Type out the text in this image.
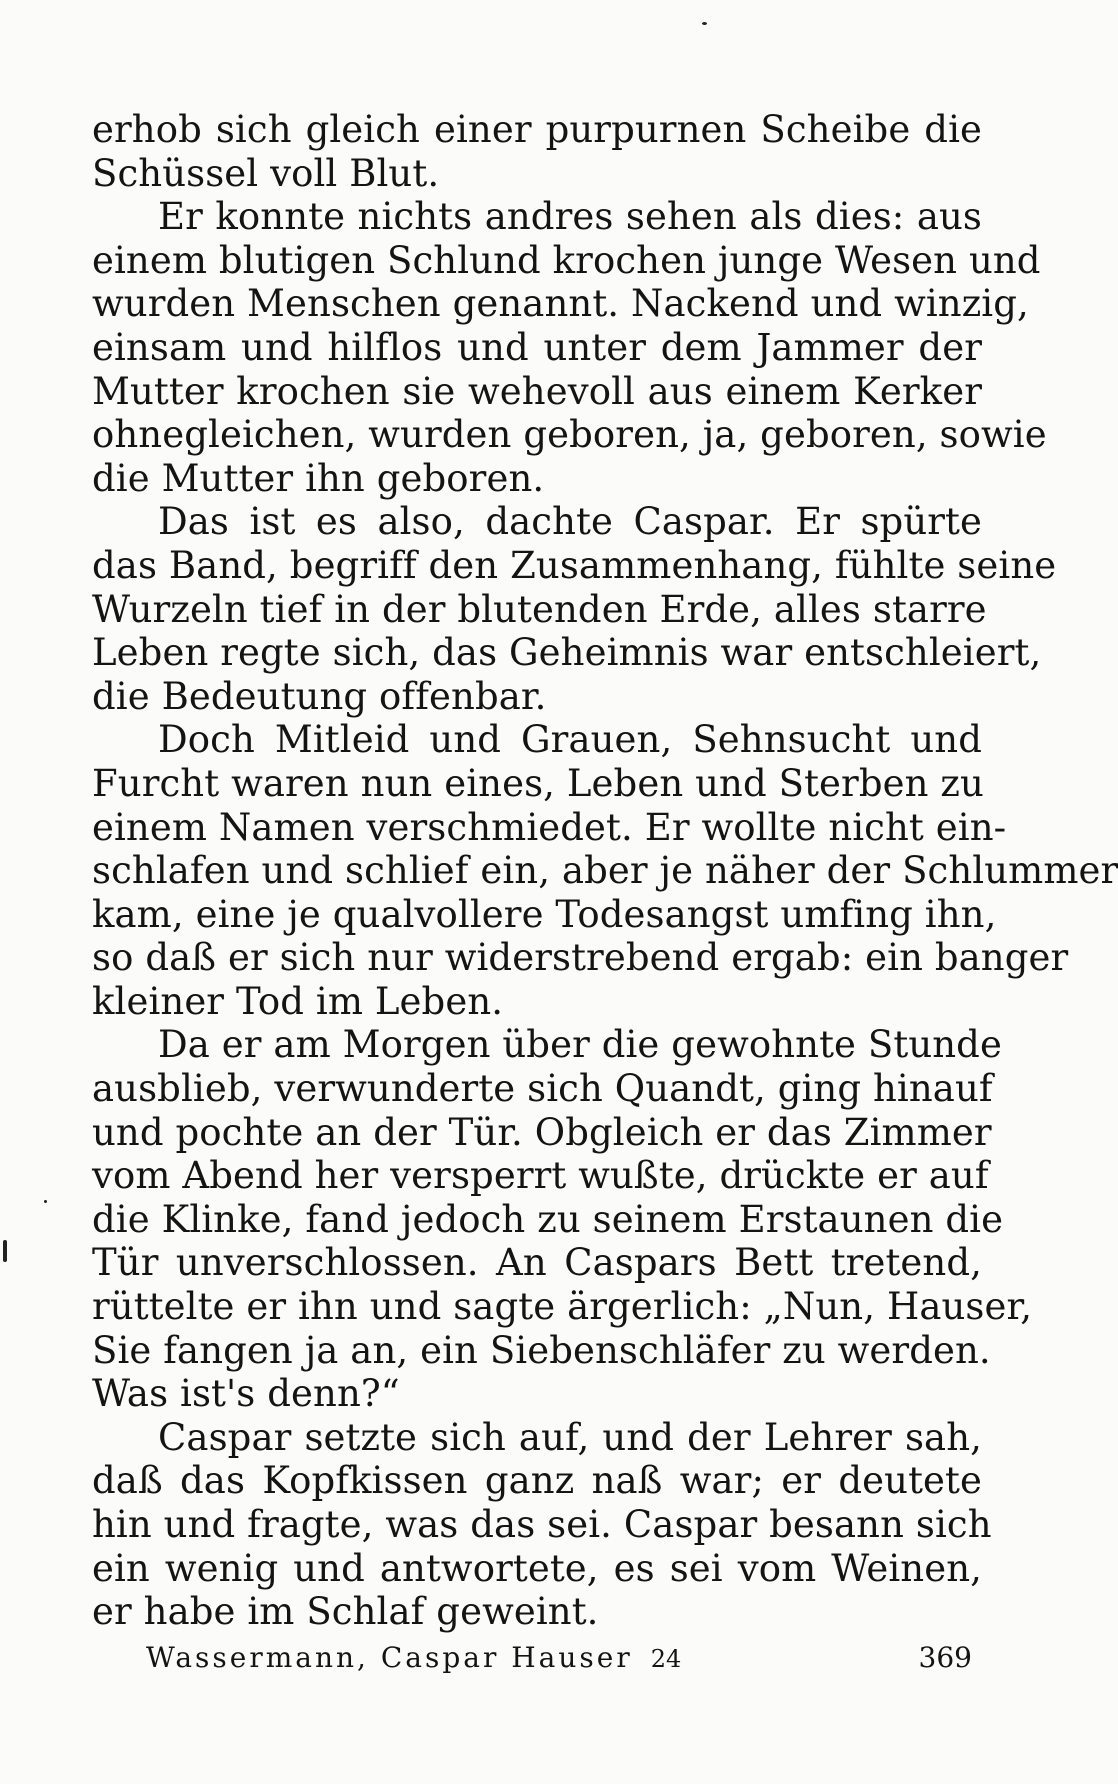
erhob sich gleich einer purpurnen Scheibe die
Schüssel voll Blut.
Er konnte nichts andres sehen als dies: aus
einem blutigen Schlund krochen junge Wesen und
wurden Menschen genannt. Nackend und winzig,
einsam und hilflos und unter dem Jammer der
Mutter krochen sie wehevoll aus einem Kerker
ohnegleichen, wurden geboren, ja, geboren, sowie
die Mutter ihn geboren.
Das ist es also, dachte Caspar. Er spürte
das Band, begriff den Zusammenhang, fühlte seine
Wurzeln tief in der blutenden Erde, alles starre
Leben regte sich, das Geheimnis war entschleiert,
die Bedeutung offenbar.
Doch Mitleid und Grauen, Sehnsucht und
Furcht waren nun eines, Leben und Sterben zu
einem Namen verschmiedet. Er wollte nicht ein-
schlafen und schlief ein, aber je näher der Schlummer
kam, eine je qualvollere Todesangst umfing ihn,
so daß er sich nur widerstrebend ergab: ein banger
kleiner Tod im Leben.
Da er am Morgen über die gewohnte Stunde
ausblieb, verwunderte sich Quandt, ging hinauf
und pochte an der Tür. Obgleich er das Zimmer
vom Abend her versperrt wußte, drückte er auf
die Klinke, fand jedoch zu seinem Erstaunen die
Tür unverschlossen. An Caspars Bett tretend,
rüttelte er ihn und sagte ärgerlich: „Nun, Hauser,
Sie fangen ja an, ein Siebenschläfer zu werden.
Was ist's denn?“
Caspar setzte sich auf, und der Lehrer sah,
daß das Kopfkissen ganz naß war; er deutete
hin und fragte, was das sei. Caspar besann sich
ein wenig und antwortete, es sei vom Weinen,
er habe im Schlaf geweint.
Wassermann, Caspar Hauser 24	369
